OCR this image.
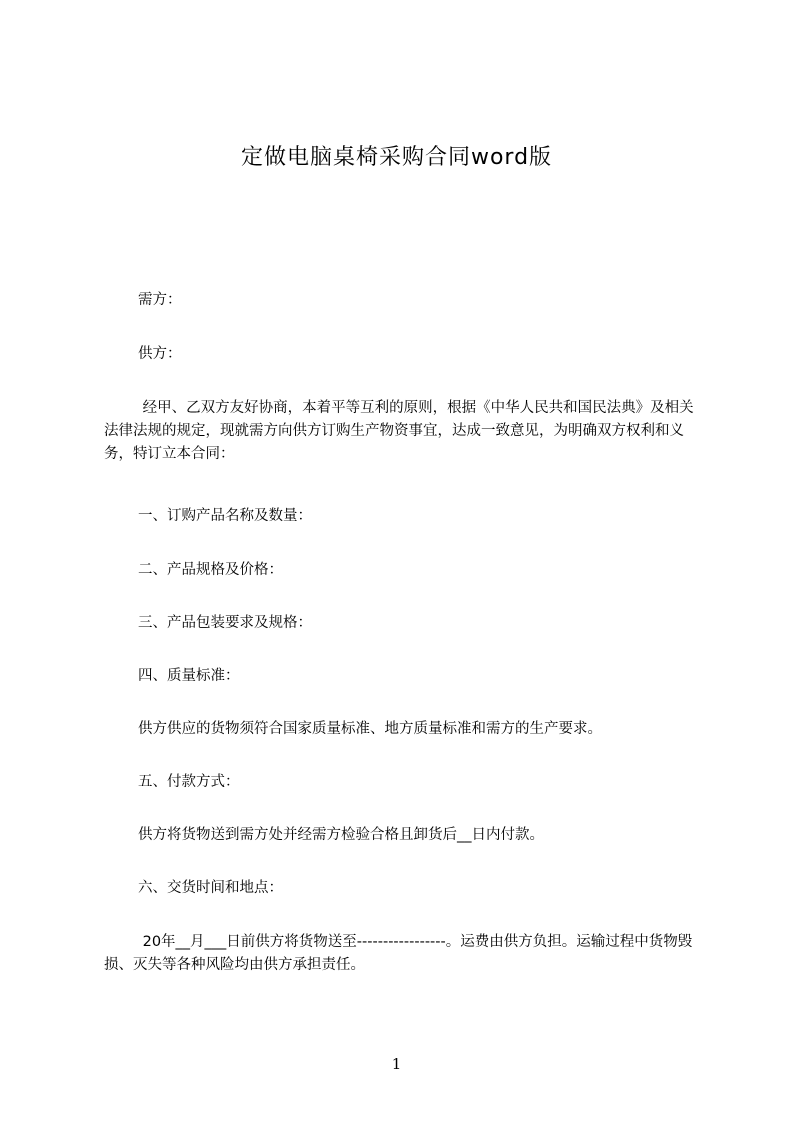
定做电脑桌椅采购合同word版
需方：
供方：
经甲、乙双方友好协商，本着平等互利的原则，根据《中华人民共和国民法典》及相关法律法规的规定，现就需方向供方订购生产物资事宜，达成一致意见，为明确双方权利和义务，特订立本合同：
一、订购产品名称及数量：
二、产品规格及价格：
三、产品包装要求及规格：
四、质量标准：
供方供应的货物须符合国家质量标准、地方质量标准和需方的生产要求。
五、付款方式：
供方将货物送到需方处并经需方检验合格且卸货后__日内付款。
六、交货时间和地点：
20年__月___日前供方将货物送至-----------------。运费由供方负担。运输过程中货物毁损、灭失等各种风险均由供方承担责任。
1
